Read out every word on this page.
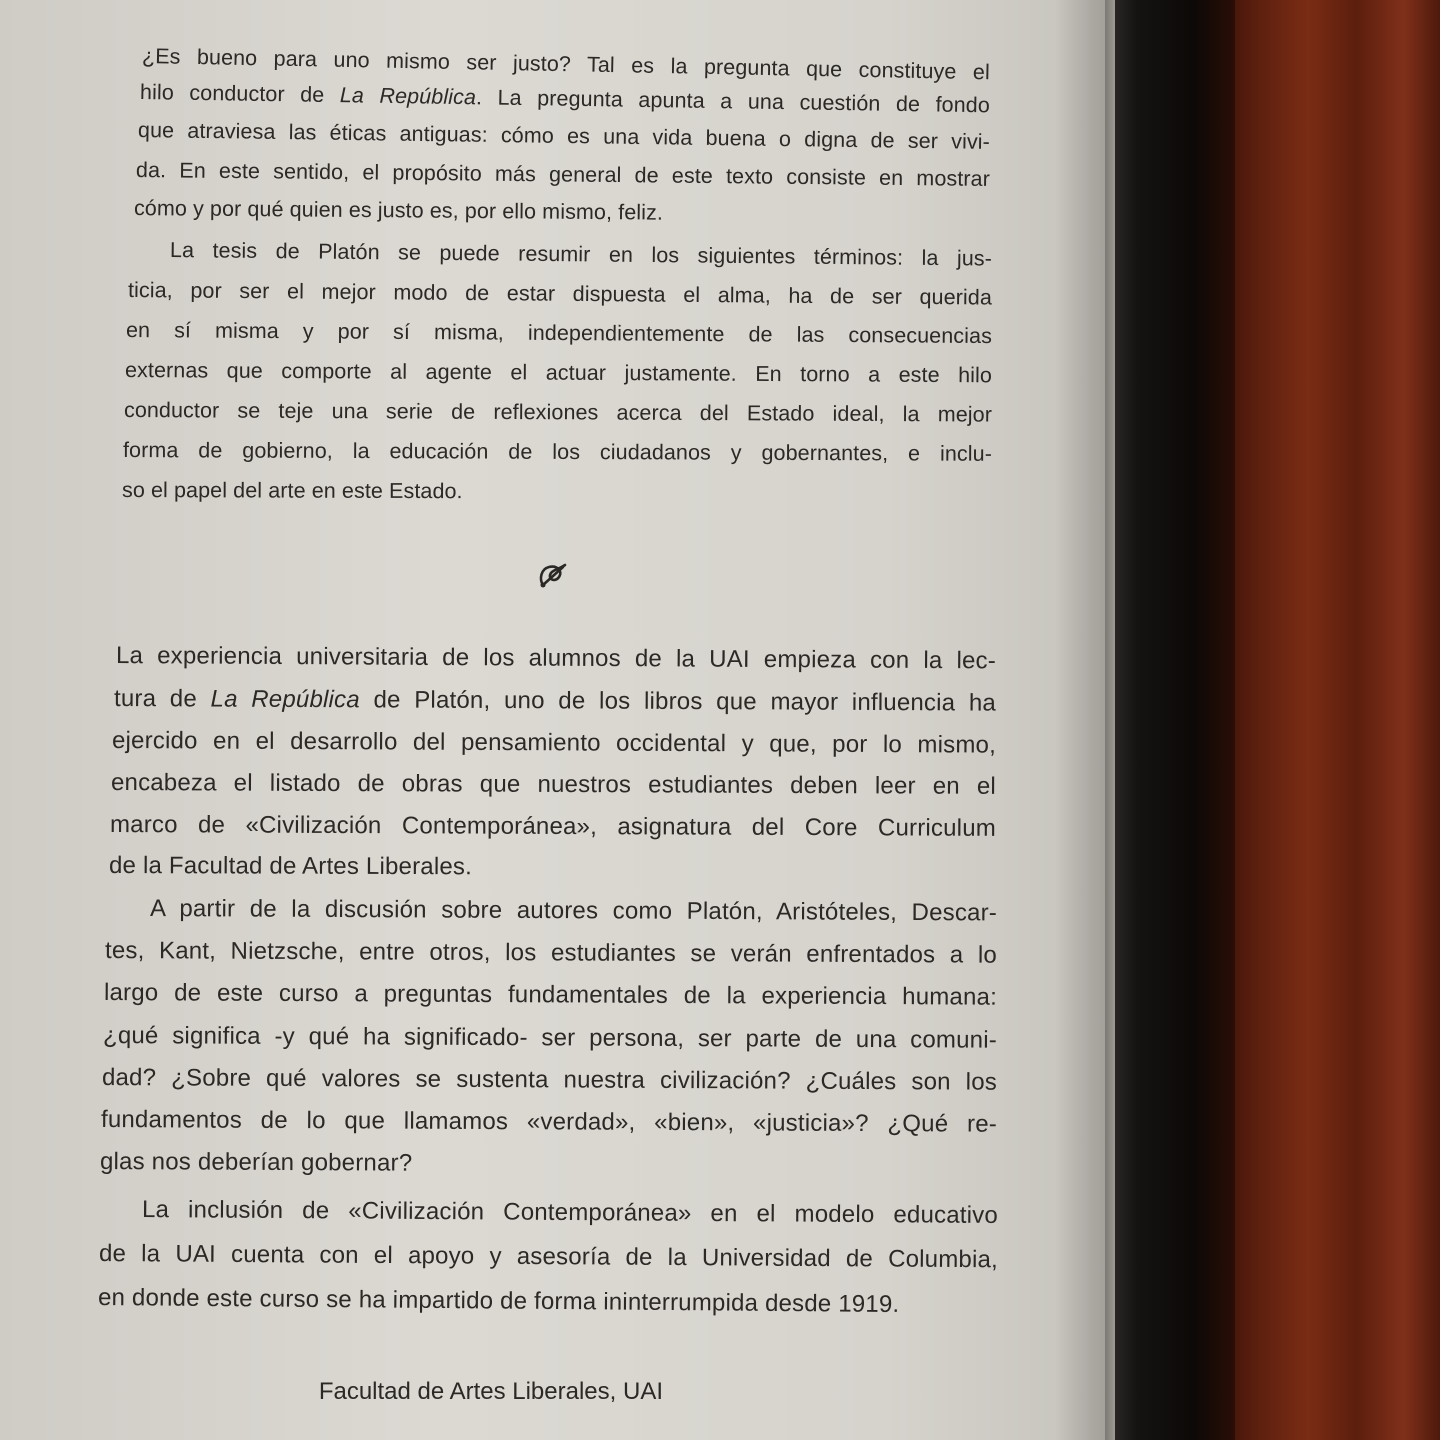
¿Es bueno para uno mismo ser justo? Tal es la pregunta que constituye el
hilo conductor de La República. La pregunta apunta a una cuestión de fondo
que atraviesa las éticas antiguas: cómo es una vida buena o digna de ser vivi-
da. En este sentido, el propósito más general de este texto consiste en mostrar
cómo y por qué quien es justo es, por ello mismo, feliz.
La tesis de Platón se puede resumir en los siguientes términos: la jus-
ticia, por ser el mejor modo de estar dispuesta el alma, ha de ser querida
en sí misma y por sí misma, independientemente de las consecuencias
externas que comporte al agente el actuar justamente. En torno a este hilo
conductor se teje una serie de reflexiones acerca del Estado ideal, la mejor
forma de gobierno, la educación de los ciudadanos y gobernantes, e inclu-
so el papel del arte en este Estado.
La experiencia universitaria de los alumnos de la UAI empieza con la lec-
tura de La República de Platón, uno de los libros que mayor influencia ha
ejercido en el desarrollo del pensamiento occidental y que, por lo mismo,
encabeza el listado de obras que nuestros estudiantes deben leer en el
marco de «Civilización Contemporánea», asignatura del Core Curriculum
de la Facultad de Artes Liberales.
A partir de la discusión sobre autores como Platón, Aristóteles, Descar-
tes, Kant, Nietzsche, entre otros, los estudiantes se verán enfrentados a lo
largo de este curso a preguntas fundamentales de la experiencia humana:
¿qué significa -y qué ha significado- ser persona, ser parte de una comuni-
dad? ¿Sobre qué valores se sustenta nuestra civilización? ¿Cuáles son los
fundamentos de lo que llamamos «verdad», «bien», «justicia»? ¿Qué re-
glas nos deberían gobernar?
La inclusión de «Civilización Contemporánea» en el modelo educativo
de la UAI cuenta con el apoyo y asesoría de la Universidad de Columbia,
en donde este curso se ha impartido de forma ininterrumpida desde 1919.
Facultad de Artes Liberales, UAI
